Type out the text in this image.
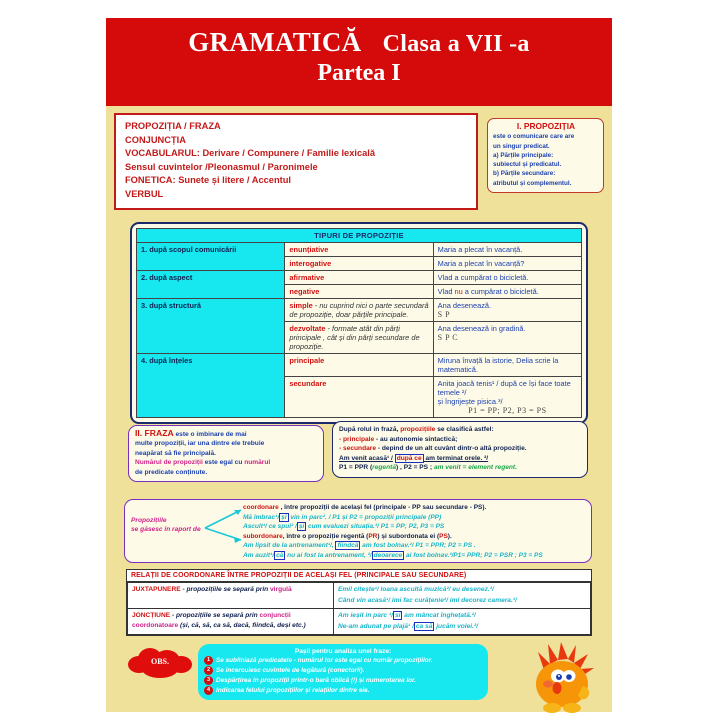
GRAMATICĂ Clasa a VII -a
Partea I
PROPOZIȚIA / FRAZA
CONJUNCȚIA
VOCABULARUL: Derivare / Compunere / Familie lexicală
Sensul cuvintelor /Pleonasmul / Paronimele
FONETICA: Sunete și litere / Accentul
VERBUL
I. PROPOZIȚIA
este o comunicare care are
un singur predicat.
a) Părțile principale:
subiectul și predicatul.
b) Părțile secundare:
atributul și complementul.
TIPURI DE PROPOZIȚIE		
1. după scopul comunicării	enunțiative	Maria a plecat în vacanță.
	interogative	Maria a plecat în vacanță?
2. după aspect	afirmative	Vlad a cumpărat o bicicletă.
	negative	Vlad nu a cumpărat o bicicletă.
3. după structură	simple - nu cuprind nici o parte secundară de propoziție, doar părțile principale.	Ana desenează.
S P

	dezvoltate - formate atât din părți principale , cât și din părți secundare de propoziție.	Ana desenează in gradină.
S P C

4. după înțeles	principale	Miruna învață la istorie, Delia scrie la matematică.
	secundare	Anita joacă tenis¹ / după ce își face toate temele ²/
și îngrijește pisica.³/
P1 = PP; P2, P3 = PS
II. FRAZA este o imbinare de mai
multe propoziții, iar una dintre ele trebuie
neapărat să fie principală.
Numărul de propoziții este egal cu numărul
de predicate conținute.
După rolul in frază, propozițiile se clasifică astfel:
- principale - au autonomie sintactică;
- secundare - depind de un alt cuvânt dintr-o altă propoziție.
Am venit acasă¹ / după ce am terminat orele. ²/
P1 = PPR (regentă) , P2 = PS ; am venit = element regent.
Propozițiile
se găsesc în raport de
coordonare , între propoziții de același fel (principale - PP sau secundare - PS).
Mă îmbrac¹/ și vin in parc². / P1 și P2 = propoziții principale (PP)
Ascult¹/ ce spui² / și cum evaluezi situația.³/ P1 = PP; P2, P3 = PS
subordonare, între o propoziție regentă (PR) și subordonata ei (PS).
Am lipsit de la antrenament¹/, fiindcă am fost bolnav.²/ P1 = PPR; P2 = PS .
Am auzit¹/ că nu ai fost la antrenament, ²/ deoarece ai fost bolnav.³/P1= PPR; P2 = PSR ; P3 = PS
RELAȚII DE COORDONARE ÎNTRE PROPOZIȚII DE ACELAȘI FEL (PRINCIPALE SAU SECUNDARE)
JUXTAPUNERE - propozițiile se separă prin virgulă	Emil citește¹/ loana ascultă muzică²/ eu desenez.³/
Când vin acasă¹/ imi fac curățenie²/ imi decorez camera.³/

JONCȚIUNE - propozițiile se separă prin conjuncții
coordonatoare (și, că, să, ca să, dacă, fiindcă, deși etc.)

Am ieșit in parc ¹/ si am mâncat înghețată.²/
Ne-am adunat pe plajă¹ / ca să jucăm volei.²/
OBS.
Pașii pentru analiza unei fraze:
1 Se subliniază predicatele - numărul lor este egal cu număr propozițiilor.
2 Se incercuiesc cuvintele de legătură (conectorii).
3 Despărțirea in propoziții printr-o bară oblică (/) și numerotarea lor.
4 Indicarea felului propozițiilor și relațiilor dintre ele.
